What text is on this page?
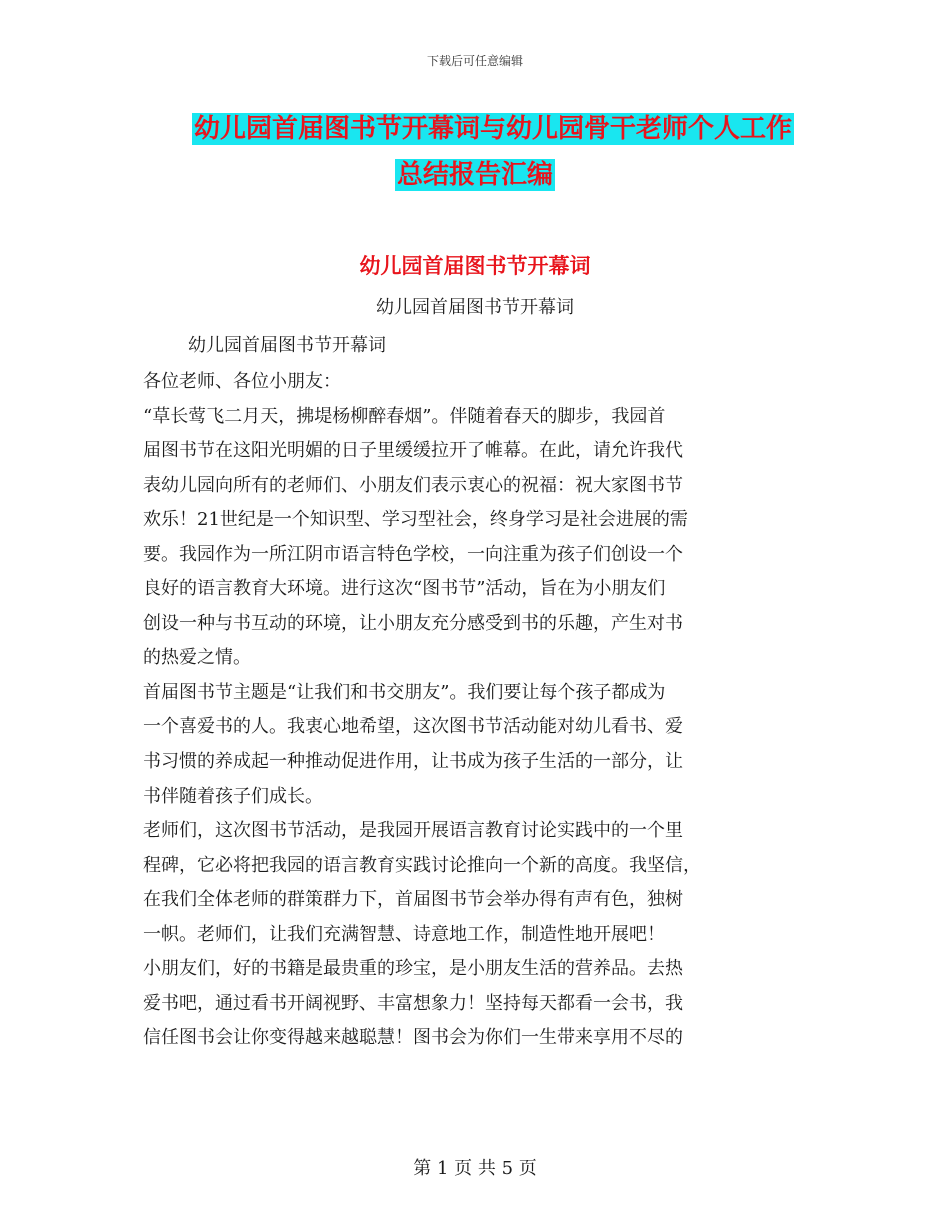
下载后可任意编辑
幼儿园首届图书节开幕词与幼儿园骨干老师个人工作
总结报告汇编
幼儿园首届图书节开幕词
幼儿园首届图书节开幕词
幼儿园首届图书节开幕词
各位老师、各位小朋友：
“草长莺飞二月天，拂堤杨柳醉春烟”。伴随着春天的脚步，我园首
届图书节在这阳光明媚的日子里缓缓拉开了帷幕。在此，请允许我代
表幼儿园向所有的老师们、小朋友们表示衷心的祝福：祝大家图书节
欢乐！21世纪是一个知识型、学习型社会，终身学习是社会进展的需
要。我园作为一所江阴市语言特色学校，一向注重为孩子们创设一个
良好的语言教育大环境。进行这次“图书节”活动，旨在为小朋友们
创设一种与书互动的环境，让小朋友充分感受到书的乐趣，产生对书
的热爱之情。
首届图书节主题是“让我们和书交朋友”。我们要让每个孩子都成为
一个喜爱书的人。我衷心地希望，这次图书节活动能对幼儿看书、爱
书习惯的养成起一种推动促进作用，让书成为孩子生活的一部分，让
书伴随着孩子们成长。
老师们，这次图书节活动，是我园开展语言教育讨论实践中的一个里
程碑，它必将把我园的语言教育实践讨论推向一个新的高度。我坚信，
在我们全体老师的群策群力下，首届图书节会举办得有声有色，独树
一帜。老师们，让我们充满智慧、诗意地工作，制造性地开展吧！
小朋友们，好的书籍是最贵重的珍宝，是小朋友生活的营养品。去热
爱书吧，通过看书开阔视野、丰富想象力！坚持每天都看一会书，我
信任图书会让你变得越来越聪慧！图书会为你们一生带来享用不尽的
第 1 页 共 5 页
